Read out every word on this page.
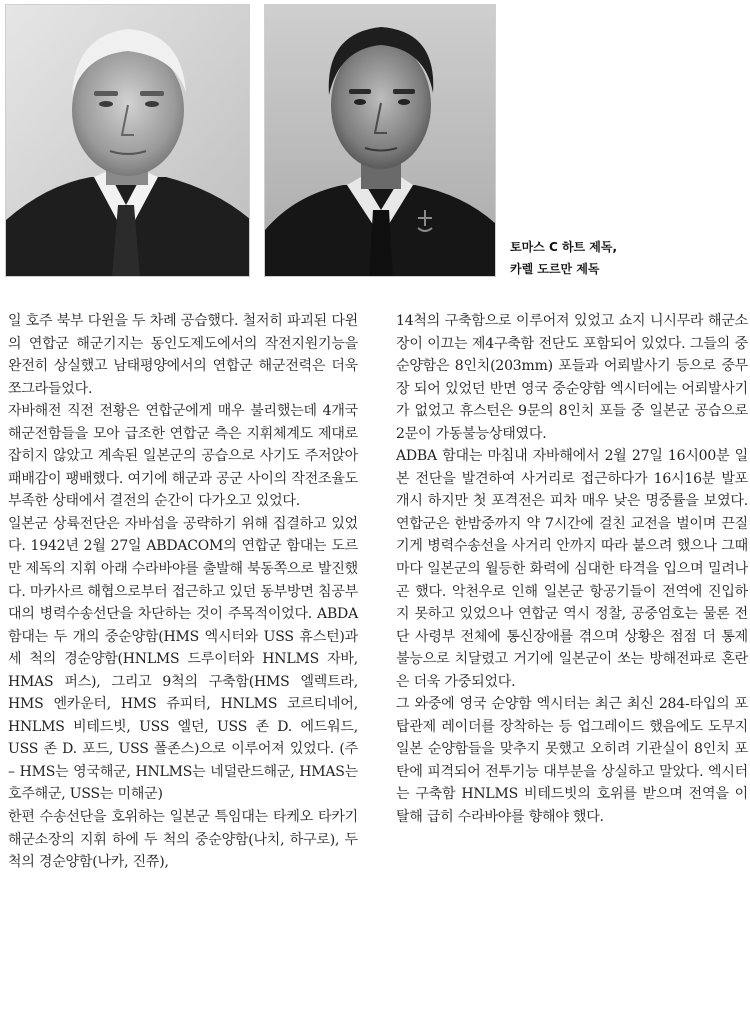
토마스 C 하트 제독,
카렐 도르만 제독

일 호주 북부 다윈을 두 차례 공습했다. 철저히 파괴된 다윈의 연합군 해군기지는 동인도제도에서의 작전지원기능을 완전히 상실했고 남태평양에서의 연합군 해군전력은 더욱 쪼그라들었다.

자바해전 직전 전황은 연합군에게 매우 불리했는데 4개국 해군전함들을 모아 급조한 연합군 측은 지휘체계도 제대로 잡히지 않았고 계속된 일본군의 공습으로 사기도 주저앉아 패배감이 팽배했다. 여기에 해군과 공군 사이의 작전조율도 부족한 상태에서 결전의 순간이 다가오고 있었다.

일본군 상륙전단은 자바섬을 공략하기 위해 집결하고 있었다. 1942년 2월 27일 ABDACOM의 연합군 함대는 도르만 제독의 지휘 아래 수라바야를 출발해 북동쪽으로 발진했다. 마카사르 해협으로부터 접근하고 있던 동부방면 침공부대의 병력수송선단을 차단하는 것이 주목적이었다. ABDA 함대는 두 개의 중순양함(HMS 엑시터와 USS 휴스턴)과 세 척의 경순양함(HNLMS 드루이터와 HNLMS 자바, HMAS 퍼스), 그리고 9척의 구축함(HMS 엘렉트라, HMS 엔카운터, HMS 쥬피터, HNLMS 코르티네어, HNLMS 비테드빗, USS 엘던, USS 존 D. 에드워드, USS 존 D. 포드, USS 폴존스)으로 이루어져 있었다. (주 – HMS는 영국해군, HNLMS는 네덜란드해군, HMAS는 호주해군, USS는 미해군)

한편 수송선단을 호위하는 일본군 특임대는 타케오 타카기 해군소장의 지휘 하에 두 척의 중순양함(나치, 하구로), 두 척의 경순양함(나카, 진쮸),

14척의 구축함으로 이루어져 있었고 쇼지 니시무라 해군소장이 이끄는 제4구축함 전단도 포함되어 있었다. 그들의 중순양함은 8인치(203mm) 포들과 어뢰발사기 등으로 중무장 되어 있었던 반면 영국 중순양함 엑시터에는 어뢰발사기가 없었고 휴스턴은 9문의 8인치 포들 중 일본군 공습으로 2문이 가동불능상태였다.

ADBA 함대는 마침내 자바해에서 2월 27일 16시00분 일본 전단을 발견하여 사거리로 접근하다가 16시16분 발포개시 하지만 첫 포격전은 피차 매우 낮은 명중률을 보였다. 연합군은 한밤중까지 약 7시간에 걸친 교전을 벌이며 끈질기게 병력수송선을 사거리 안까지 따라 붙으려 했으나 그때마다 일본군의 월등한 화력에 심대한 타격을 입으며 밀려나곤 했다. 악천우로 인해 일본군 항공기들이 전역에 진입하지 못하고 있었으나 연합군 역시 정찰, 공중엄호는 물론 전단 사령부 전체에 통신장애를 겪으며 상황은 점점 더 통제불능으로 치달렸고 거기에 일본군이 쏘는 방해전파로 혼란은 더욱 가중되었다.

그 와중에 영국 순양함 엑시터는 최근 최신 284-타입의 포탑관제 레이더를 장착하는 등 업그레이드 했음에도 도무지 일본 순양함들을 맞추지 못했고 오히려 기관실이 8인치 포탄에 피격되어 전투기능 대부분을 상실하고 말았다. 엑시터는 구축함 HNLMS 비테드빗의 호위를 받으며 전역을 이탈해 급히 수라바야를 향해야 했다.
